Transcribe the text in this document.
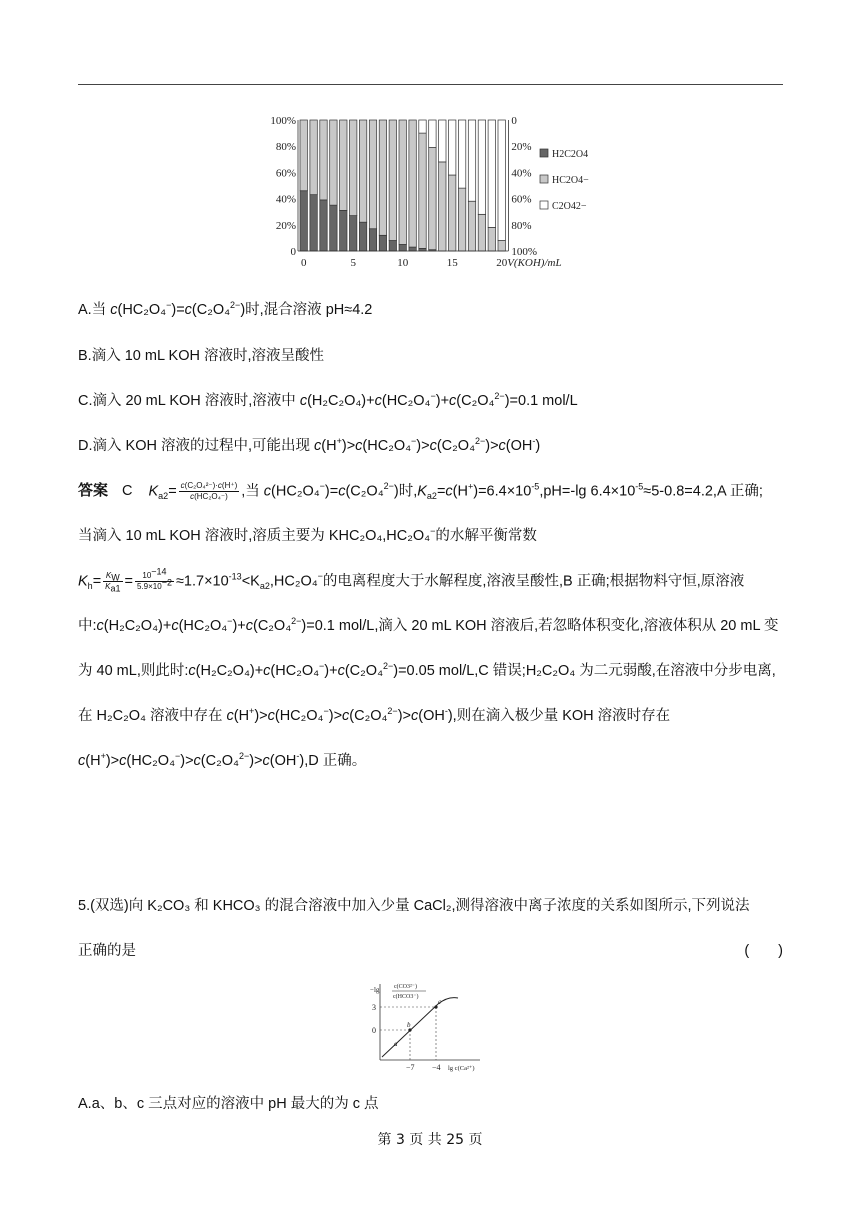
100%
80%
60%
40%
20%
0
0
20%
40%
60%
80%
100%
0	5	10	15	20 V(KOH)/mL
H2C2O4
HC2O4−
C2O42−
A.当 c(HC₂O₄−)=c(C₂O₄$^{2-}$)时,混合溶液 pH≈4.2
B.滴入 10 mL KOH 溶液时,溶液呈酸性
C.滴入 20 mL KOH 溶液时,溶液中 c(H₂C₂O₄)+c(HC₂O₄−)+c(C₂O₄$^{2-}$)=0.1 mol/L
D.滴入 KOH 溶液的过程中,可能出现 c(H+)>c(HC₂O₄−)>c(C₂O₄$^{2-}$)>c(OH-)
答案 C $K_{a2}= \frac{\text{c(C₂O₄²⁻)·c(H⁺)}}{\text{c(HC₂O₄⁻)}}$ ,当 c(HC₂O₄−)=c(C₂O₄$^{2-}$)时$,K_{a2}=c(H^+)=6.4\times 10^{-5},pH=-\lg$ $6.4\times 10^{-5}\approx 5-0.8=4.2,A$ 正确;
当滴入 10 mL KOH 溶液时,溶质主要为 KHC₂O₄,HC₂O₄−的水解平衡常数
$K_h= \frac{K_W}{K_{a1}} = \frac{10^{-14}}{5.9\times 10^{-2}} \approx 1.7\times 10^{-13}<K_{a2},HC_2O_4^-$的电离程度大于水解程度,溶液呈酸性,B 正确;根据物料守恒,原溶液
中:c(H₂C₂O₄)+c(HC₂O₄−)+c(C₂O₄$^{2-}$)=0.1 mol/L,滴入 20 mL KOH 溶液后,若忽略体积变化,溶液体积从 20 mL 变
为 40 mL,则此时:c(H₂C₂O₄)+c(HC₂O₄−)+c(C₂O₄$^{2-}$)=0.05 mol/L,C 错误;H₂C₂O₄ 为二元弱酸,在溶液中分步电离,
在 H₂C₂O₄ 溶液中存在 c(H+)>c(HC₂O₄−)>c(C₂O₄$^{2-}$)>c(OH-),则在滴入极少量 KOH 溶液时存在
c(H+)>c(HC₂O₄−)>c(C₂O₄$^{2-}$)>c(OH-),D 正确。
5.(双选)向 K₂CO₃ 和 KHCO₃ 的混合溶液中加入少量 CaCl₂,测得溶液中离子浓度的关系如图所示,下列说法
正确的是	(　　)
−lg c(CO3²⁻)
c(HCO3⁻)
3
0
−7 −4 lg c(Ca²⁺)
a
b
c
A.a、b、c 三点对应的溶液中 pH 最大的为 c 点
第 3 页 共 25 页
